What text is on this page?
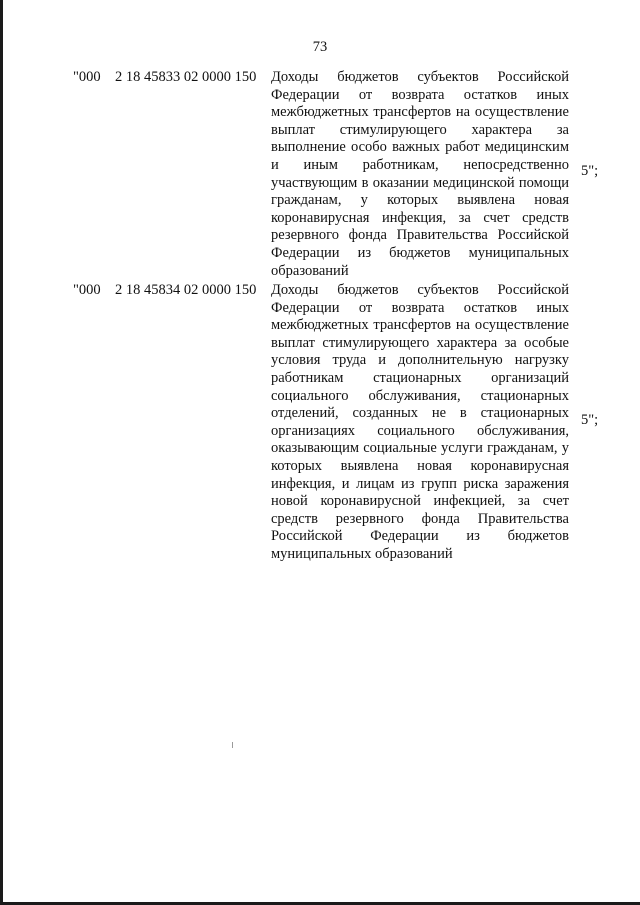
73
"000 2 18 45833 02 0000 150 Доходы бюджетов субъектов Российской Федерации от возврата остатков иных межбюджетных трансфертов на осуществление выплат стимулирующего характера за выполнение особо важных работ медицинским и иным работникам, непосредственно участвующим в оказании медицинской помощи гражданам, у которых выявлена новая коронавирусная инфекция, за счет средств резервного фонда Правительства Российской Федерации из бюджетов муниципальных образований
5";
"000 2 18 45834 02 0000 150 Доходы бюджетов субъектов Российской Федерации от возврата остатков иных межбюджетных трансфертов на осуществление выплат стимулирующего характера за особые условия труда и дополнительную нагрузку работникам стационарных организаций социального обслуживания, стационарных отделений, созданных не в стационарных организациях социального обслуживания, оказывающим социальные услуги гражданам, у которых выявлена новая коронавирусная инфекция, и лицам из групп риска заражения новой коронавирусной инфекцией, за счет средств резервного фонда Правительства Российской Федерации из бюджетов муниципальных образований
5";
